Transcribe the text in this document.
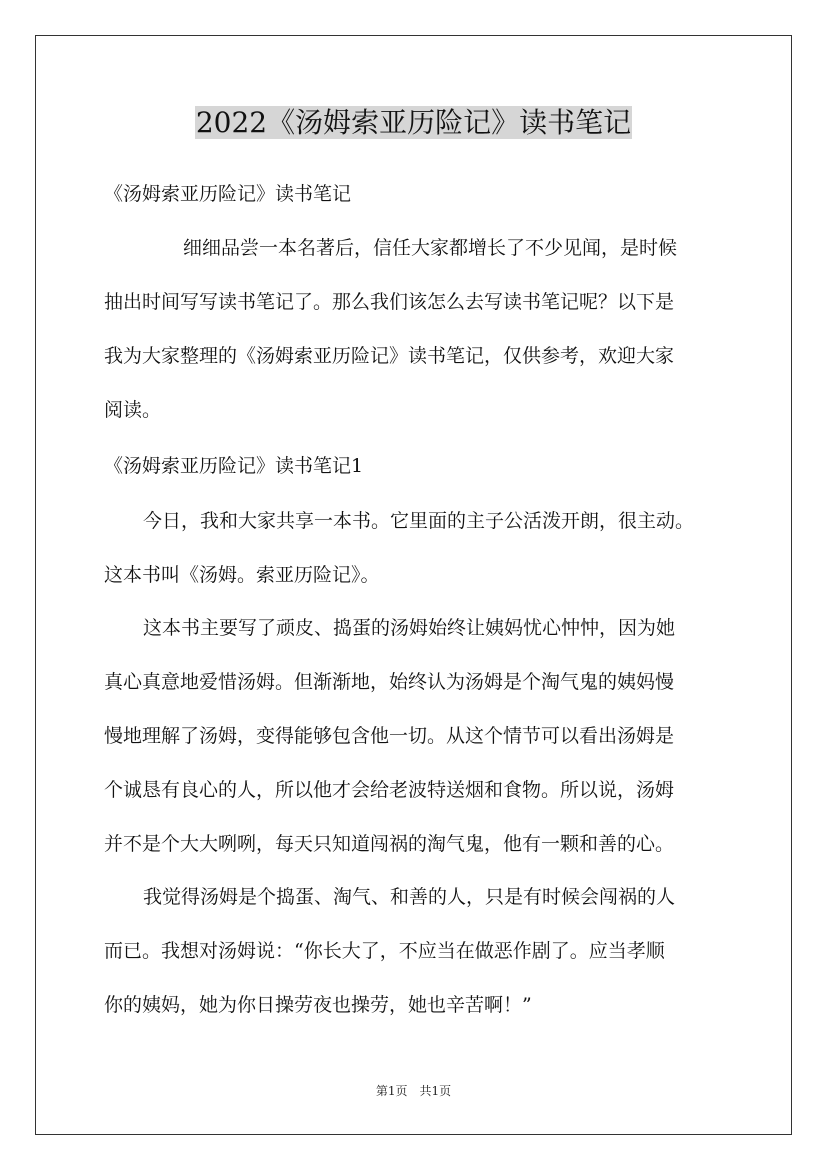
2022《汤姆索亚历险记》读书笔记
《汤姆索亚历险记》读书笔记
细细品尝一本名著后，信任大家都增长了不少见闻，是时候
抽出时间写写读书笔记了。那么我们该怎么去写读书笔记呢？以下是
我为大家整理的《汤姆索亚历险记》读书笔记，仅供参考，欢迎大家
阅读。
《汤姆索亚历险记》读书笔记1
今日，我和大家共享一本书。它里面的主子公活泼开朗，很主动。
这本书叫《汤姆。索亚历险记》。
这本书主要写了顽皮、捣蛋的汤姆始终让姨妈忧心忡忡，因为她
真心真意地爱惜汤姆。但渐渐地，始终认为汤姆是个淘气鬼的姨妈慢
慢地理解了汤姆，变得能够包含他一切。从这个情节可以看出汤姆是
个诚恳有良心的人，所以他才会给老波特送烟和食物。所以说，汤姆
并不是个大大咧咧，每天只知道闯祸的淘气鬼，他有一颗和善的心。
我觉得汤姆是个捣蛋、淘气、和善的人，只是有时候会闯祸的人
而已。我想对汤姆说：“你长大了，不应当在做恶作剧了。应当孝顺
你的姨妈，她为你日操劳夜也操劳，她也辛苦啊！”
第1页　共1页
